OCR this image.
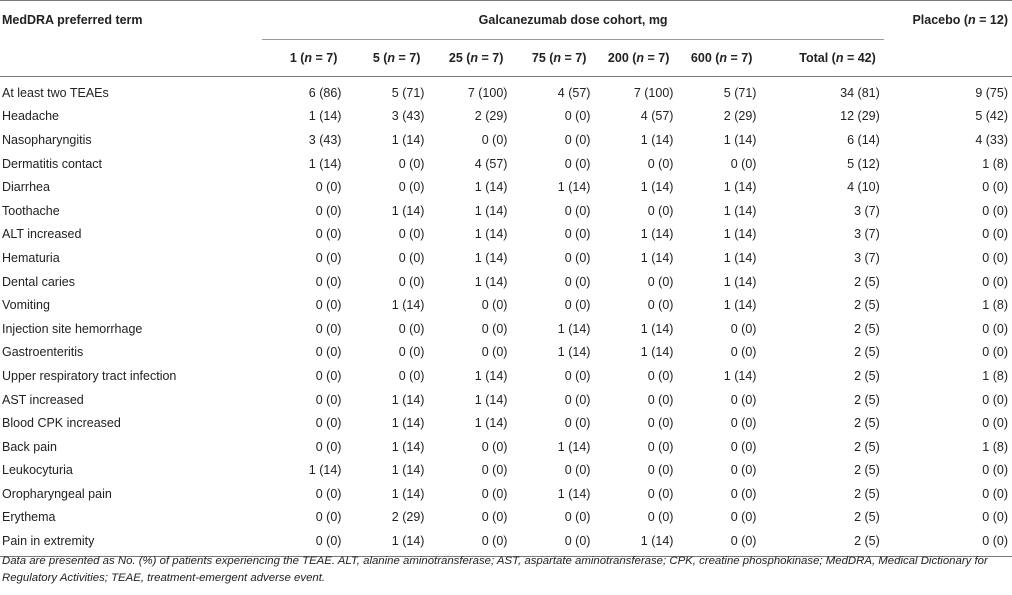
MedDRA preferred term	Galcanezumab dose cohort, mg							Placebo (n = 12)
	1 (n = 7)	5 (n = 7)	25 (n = 7)	75 (n = 7)	200 (n = 7)	600 (n = 7)	Total (n = 42)	
At least two TEAEs	6 (86)	5 (71)	7 (100)	4 (57)	7 (100)	5 (71)	34 (81)	9 (75)
Headache	1 (14)	3 (43)	2 (29)	0 (0)	4 (57)	2 (29)	12 (29)	5 (42)
Nasopharyngitis	3 (43)	1 (14)	0 (0)	0 (0)	1 (14)	1 (14)	6 (14)	4 (33)
Dermatitis contact	1 (14)	0 (0)	4 (57)	0 (0)	0 (0)	0 (0)	5 (12)	1 (8)
Diarrhea	0 (0)	0 (0)	1 (14)	1 (14)	1 (14)	1 (14)	4 (10)	0 (0)
Toothache	0 (0)	1 (14)	1 (14)	0 (0)	0 (0)	1 (14)	3 (7)	0 (0)
ALT increased	0 (0)	0 (0)	1 (14)	0 (0)	1 (14)	1 (14)	3 (7)	0 (0)
Hematuria	0 (0)	0 (0)	1 (14)	0 (0)	1 (14)	1 (14)	3 (7)	0 (0)
Dental caries	0 (0)	0 (0)	1 (14)	0 (0)	0 (0)	1 (14)	2 (5)	0 (0)
Vomiting	0 (0)	1 (14)	0 (0)	0 (0)	0 (0)	1 (14)	2 (5)	1 (8)
Injection site hemorrhage	0 (0)	0 (0)	0 (0)	1 (14)	1 (14)	0 (0)	2 (5)	0 (0)
Gastroenteritis	0 (0)	0 (0)	0 (0)	1 (14)	1 (14)	0 (0)	2 (5)	0 (0)
Upper respiratory tract infection	0 (0)	0 (0)	1 (14)	0 (0)	0 (0)	1 (14)	2 (5)	1 (8)
AST increased	0 (0)	1 (14)	1 (14)	0 (0)	0 (0)	0 (0)	2 (5)	0 (0)
Blood CPK increased	0 (0)	1 (14)	1 (14)	0 (0)	0 (0)	0 (0)	2 (5)	0 (0)
Back pain	0 (0)	1 (14)	0 (0)	1 (14)	0 (0)	0 (0)	2 (5)	1 (8)
Leukocyturia	1 (14)	1 (14)	0 (0)	0 (0)	0 (0)	0 (0)	2 (5)	0 (0)
Oropharyngeal pain	0 (0)	1 (14)	0 (0)	1 (14)	0 (0)	0 (0)	2 (5)	0 (0)
Erythema	0 (0)	2 (29)	0 (0)	0 (0)	0 (0)	0 (0)	2 (5)	0 (0)
Pain in extremity	0 (0)	1 (14)	0 (0)	0 (0)	1 (14)	0 (0)	2 (5)	0 (0)
Data are presented as No. (%) of patients experiencing the TEAE. ALT, alanine aminotransferase; AST, aspartate aminotransferase; CPK, creatine phosphokinase; MedDRA, Medical Dictionary for Regulatory Activities; TEAE, treatment-emergent adverse event.
